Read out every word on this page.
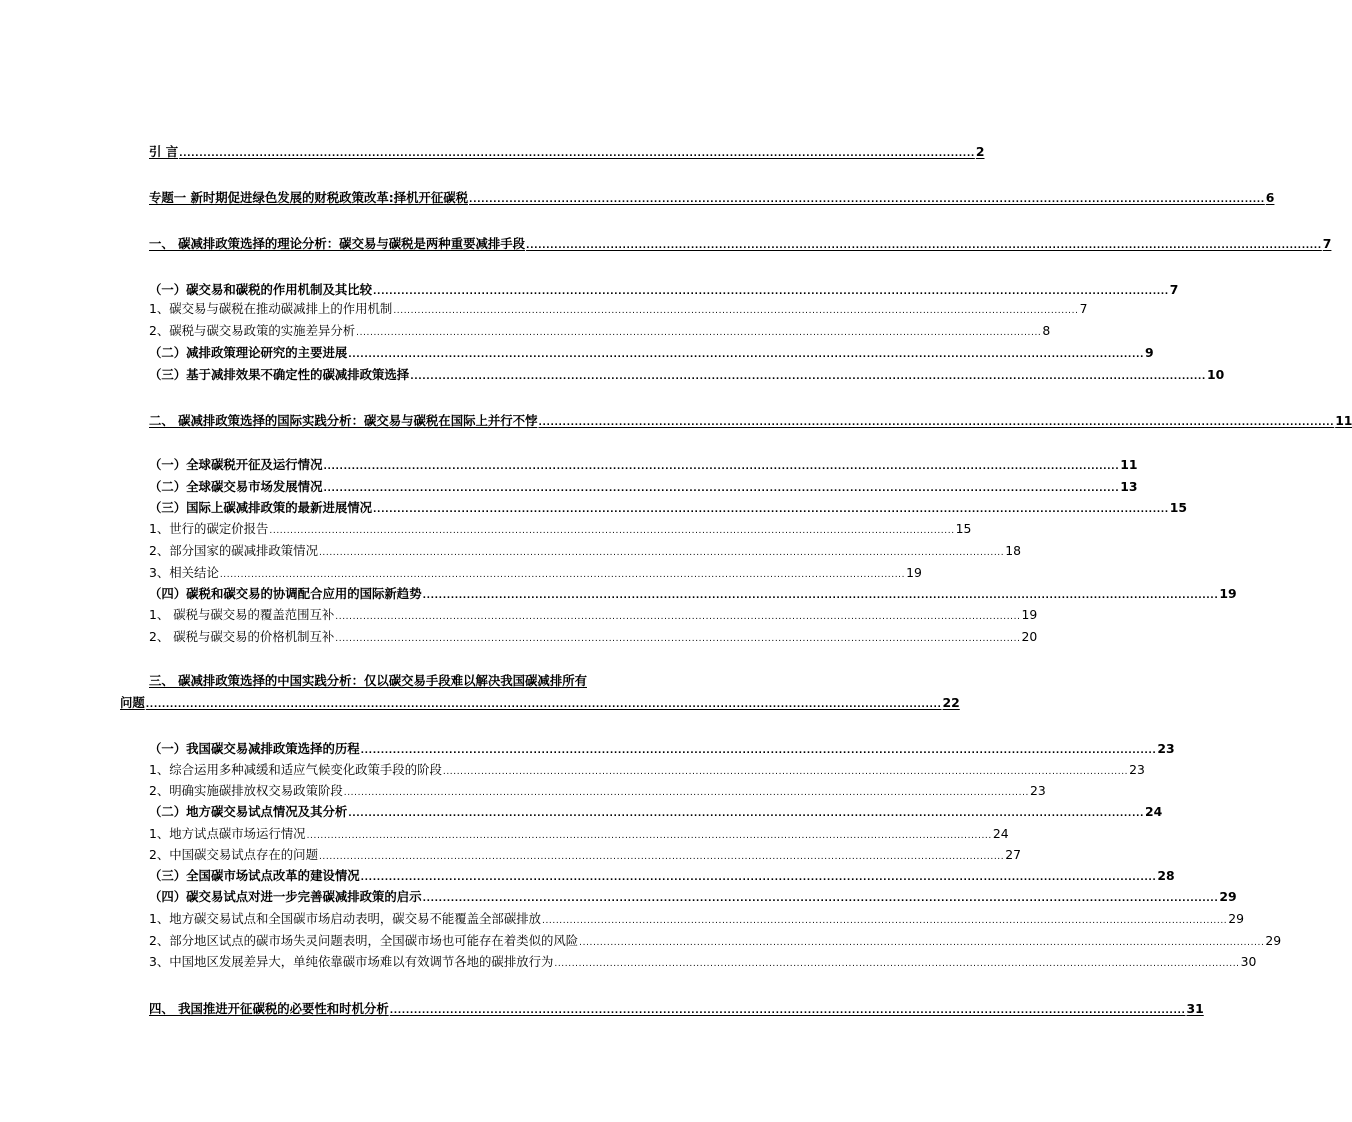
引 言 ...................................................................................................................................................................................................... 2
专题一 新时期促进绿色发展的财税政策改革:择机开征碳税 ...................................................................................................................................................................................................... 6
一、 碳减排政策选择的理论分析：碳交易与碳税是两种重要减排手段 ...................................................................................................................................................................................................... 7
（一）碳交易和碳税的作用机制及其比较 ...................................................................................................................................................................................................... 7
1、碳交易与碳税在推动碳减排上的作用机制 ...................................................................................................................................................................................................... 7
2、碳税与碳交易政策的实施差异分析 ...................................................................................................................................................................................................... 8
（二）减排政策理论研究的主要进展 ...................................................................................................................................................................................................... 9
（三）基于减排效果不确定性的碳减排政策选择 ...................................................................................................................................................................................................... 10
二、 碳减排政策选择的国际实践分析：碳交易与碳税在国际上并行不悖 ...................................................................................................................................................................................................... 11
（一）全球碳税开征及运行情况 ...................................................................................................................................................................................................... 11
（二）全球碳交易市场发展情况 ...................................................................................................................................................................................................... 13
（三）国际上碳减排政策的最新进展情况 ...................................................................................................................................................................................................... 15
1、世行的碳定价报告 ...................................................................................................................................................................................................... 15
2、部分国家的碳减排政策情况 ...................................................................................................................................................................................................... 18
3、相关结论 ...................................................................................................................................................................................................... 19
（四）碳税和碳交易的协调配合应用的国际新趋势 ...................................................................................................................................................................................................... 19
1、 碳税与碳交易的覆盖范围互补 ...................................................................................................................................................................................................... 19
2、 碳税与碳交易的价格机制互补 ...................................................................................................................................................................................................... 20
三、 碳减排政策选择的中国实践分析：仅以碳交易手段难以解决我国碳减排所有
问题 ...................................................................................................................................................................................................... 22
（一）我国碳交易减排政策选择的历程 ...................................................................................................................................................................................................... 23
1、综合运用多种减缓和适应气候变化政策手段的阶段 ...................................................................................................................................................................................................... 23
2、明确实施碳排放权交易政策阶段 ...................................................................................................................................................................................................... 23
（二）地方碳交易试点情况及其分析 ...................................................................................................................................................................................................... 24
1、地方试点碳市场运行情况 ...................................................................................................................................................................................................... 24
2、中国碳交易试点存在的问题 ...................................................................................................................................................................................................... 27
（三）全国碳市场试点改革的建设情况 ...................................................................................................................................................................................................... 28
（四）碳交易试点对进一步完善碳减排政策的启示 ...................................................................................................................................................................................................... 29
1、地方碳交易试点和全国碳市场启动表明，碳交易不能覆盖全部碳排放 ...................................................................................................................................................................................................... 29
2、部分地区试点的碳市场失灵问题表明，全国碳市场也可能存在着类似的风险 ...................................................................................................................................................................................................... 29
3、中国地区发展差异大，单纯依靠碳市场难以有效调节各地的碳排放行为 ...................................................................................................................................................................................................... 30
四、 我国推进开征碳税的必要性和时机分析 ...................................................................................................................................................................................................... 31
